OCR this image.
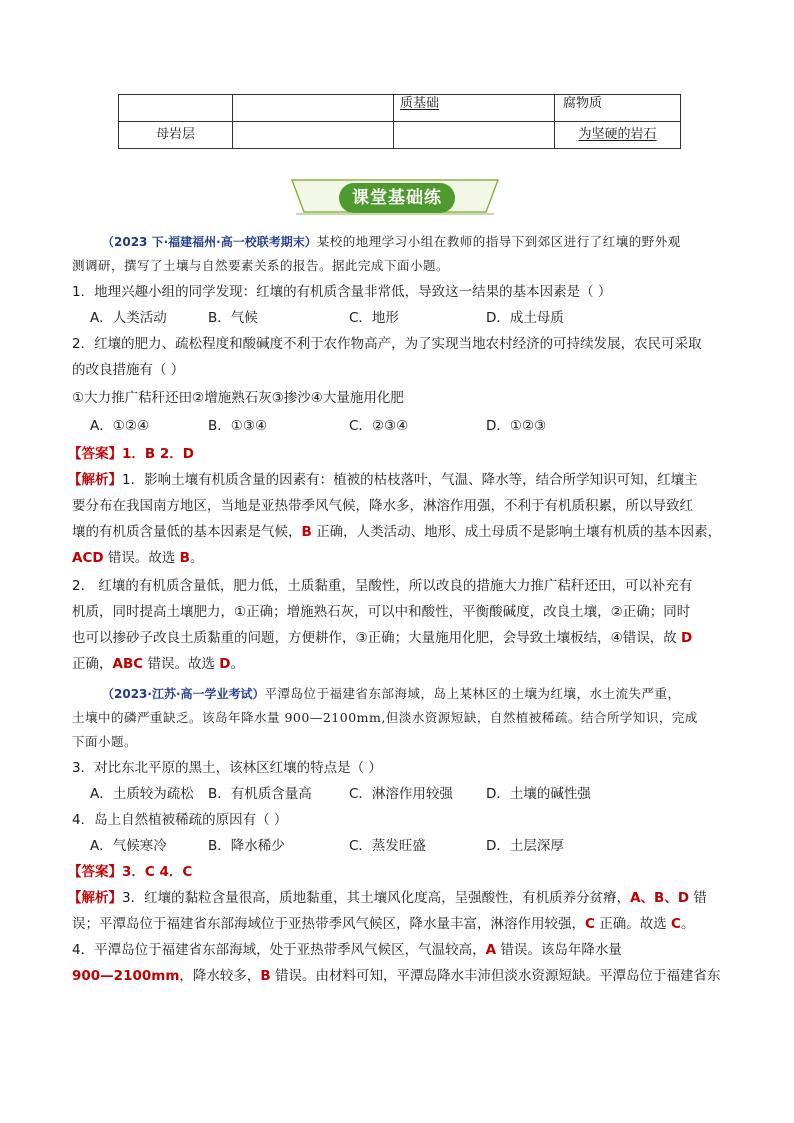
		质基础	腐物质
母岩层			为坚硬的岩石
课堂基础练
（2023 下·福建福州·高一校联考期末）某校的地理学习小组在教师的指导下到郊区进行了红壤的野外观
测调研，撰写了土壤与自然要素关系的报告。据此完成下面小题。
1．地理兴趣小组的同学发现：红壤的有机质含量非常低，导致这一结果的基本因素是（ ）
A．人类活动	B．气候	C．地形	D．成土母质
2．红壤的肥力、疏松程度和酸碱度不利于农作物高产，为了实现当地农村经济的可持续发展，农民可采取
的改良措施有（ ）
①大力推广秸秆还田②增施熟石灰③掺沙④大量施用化肥
A．①②④	B．①③④	C．②③④	D．①②③
【答案】1．B 2．D
【解析】1．影响土壤有机质含量的因素有：植被的枯枝落叶，气温、降水等，结合所学知识可知，红壤主
要分布在我国南方地区，当地是亚热带季风气候，降水多，淋溶作用强，不利于有机质积累，所以导致红
壤的有机质含量低的基本因素是气候，B 正确，人类活动、地形、成土母质不是影响土壤有机质的基本因素，
ACD 错误。故选 B。
2． 红壤的有机质含量低，肥力低，土质黏重，呈酸性，所以改良的措施大力推广秸秆还田，可以补充有
机质，同时提高土壤肥力，①正确；增施熟石灰，可以中和酸性，平衡酸碱度，改良土壤，②正确；同时
也可以掺砂子改良土质黏重的问题，方便耕作，③正确；大量施用化肥，会导致土壤板结，④错误，故 D
正确，ABC 错误。故选 D。
（2023·江苏·高一学业考试）平潭岛位于福建省东部海域，岛上某林区的土壤为红壤，水土流失严重，
土壤中的磷严重缺乏。该岛年降水量 900—2100mm,但淡水资源短缺，自然植被稀疏。结合所学知识，完成
下面小题。
3．对比东北平原的黑土，该林区红壤的特点是（ ）
A．土质较为疏松 B．有机质含量高	C．淋溶作用较强 D．土壤的碱性强
4．岛上自然植被稀疏的原因有（ ）
A．气候寒冷	B．降水稀少	C．蒸发旺盛	D．土层深厚
【答案】3．C 4．C
【解析】3．红壤的黏粒含量很高，质地黏重，其土壤风化度高，呈强酸性，有机质养分贫瘠，A、B、D 错
误；平潭岛位于福建省东部海域位于亚热带季风气候区，降水量丰富，淋溶作用较强，C 正确。故选 C。
4．平潭岛位于福建省东部海域，处于亚热带季风气候区，气温较高，A 错误。该岛年降水量
900—2100mm，降水较多，B 错误。由材料可知，平潭岛降水丰沛但淡水资源短缺。平潭岛位于福建省东
